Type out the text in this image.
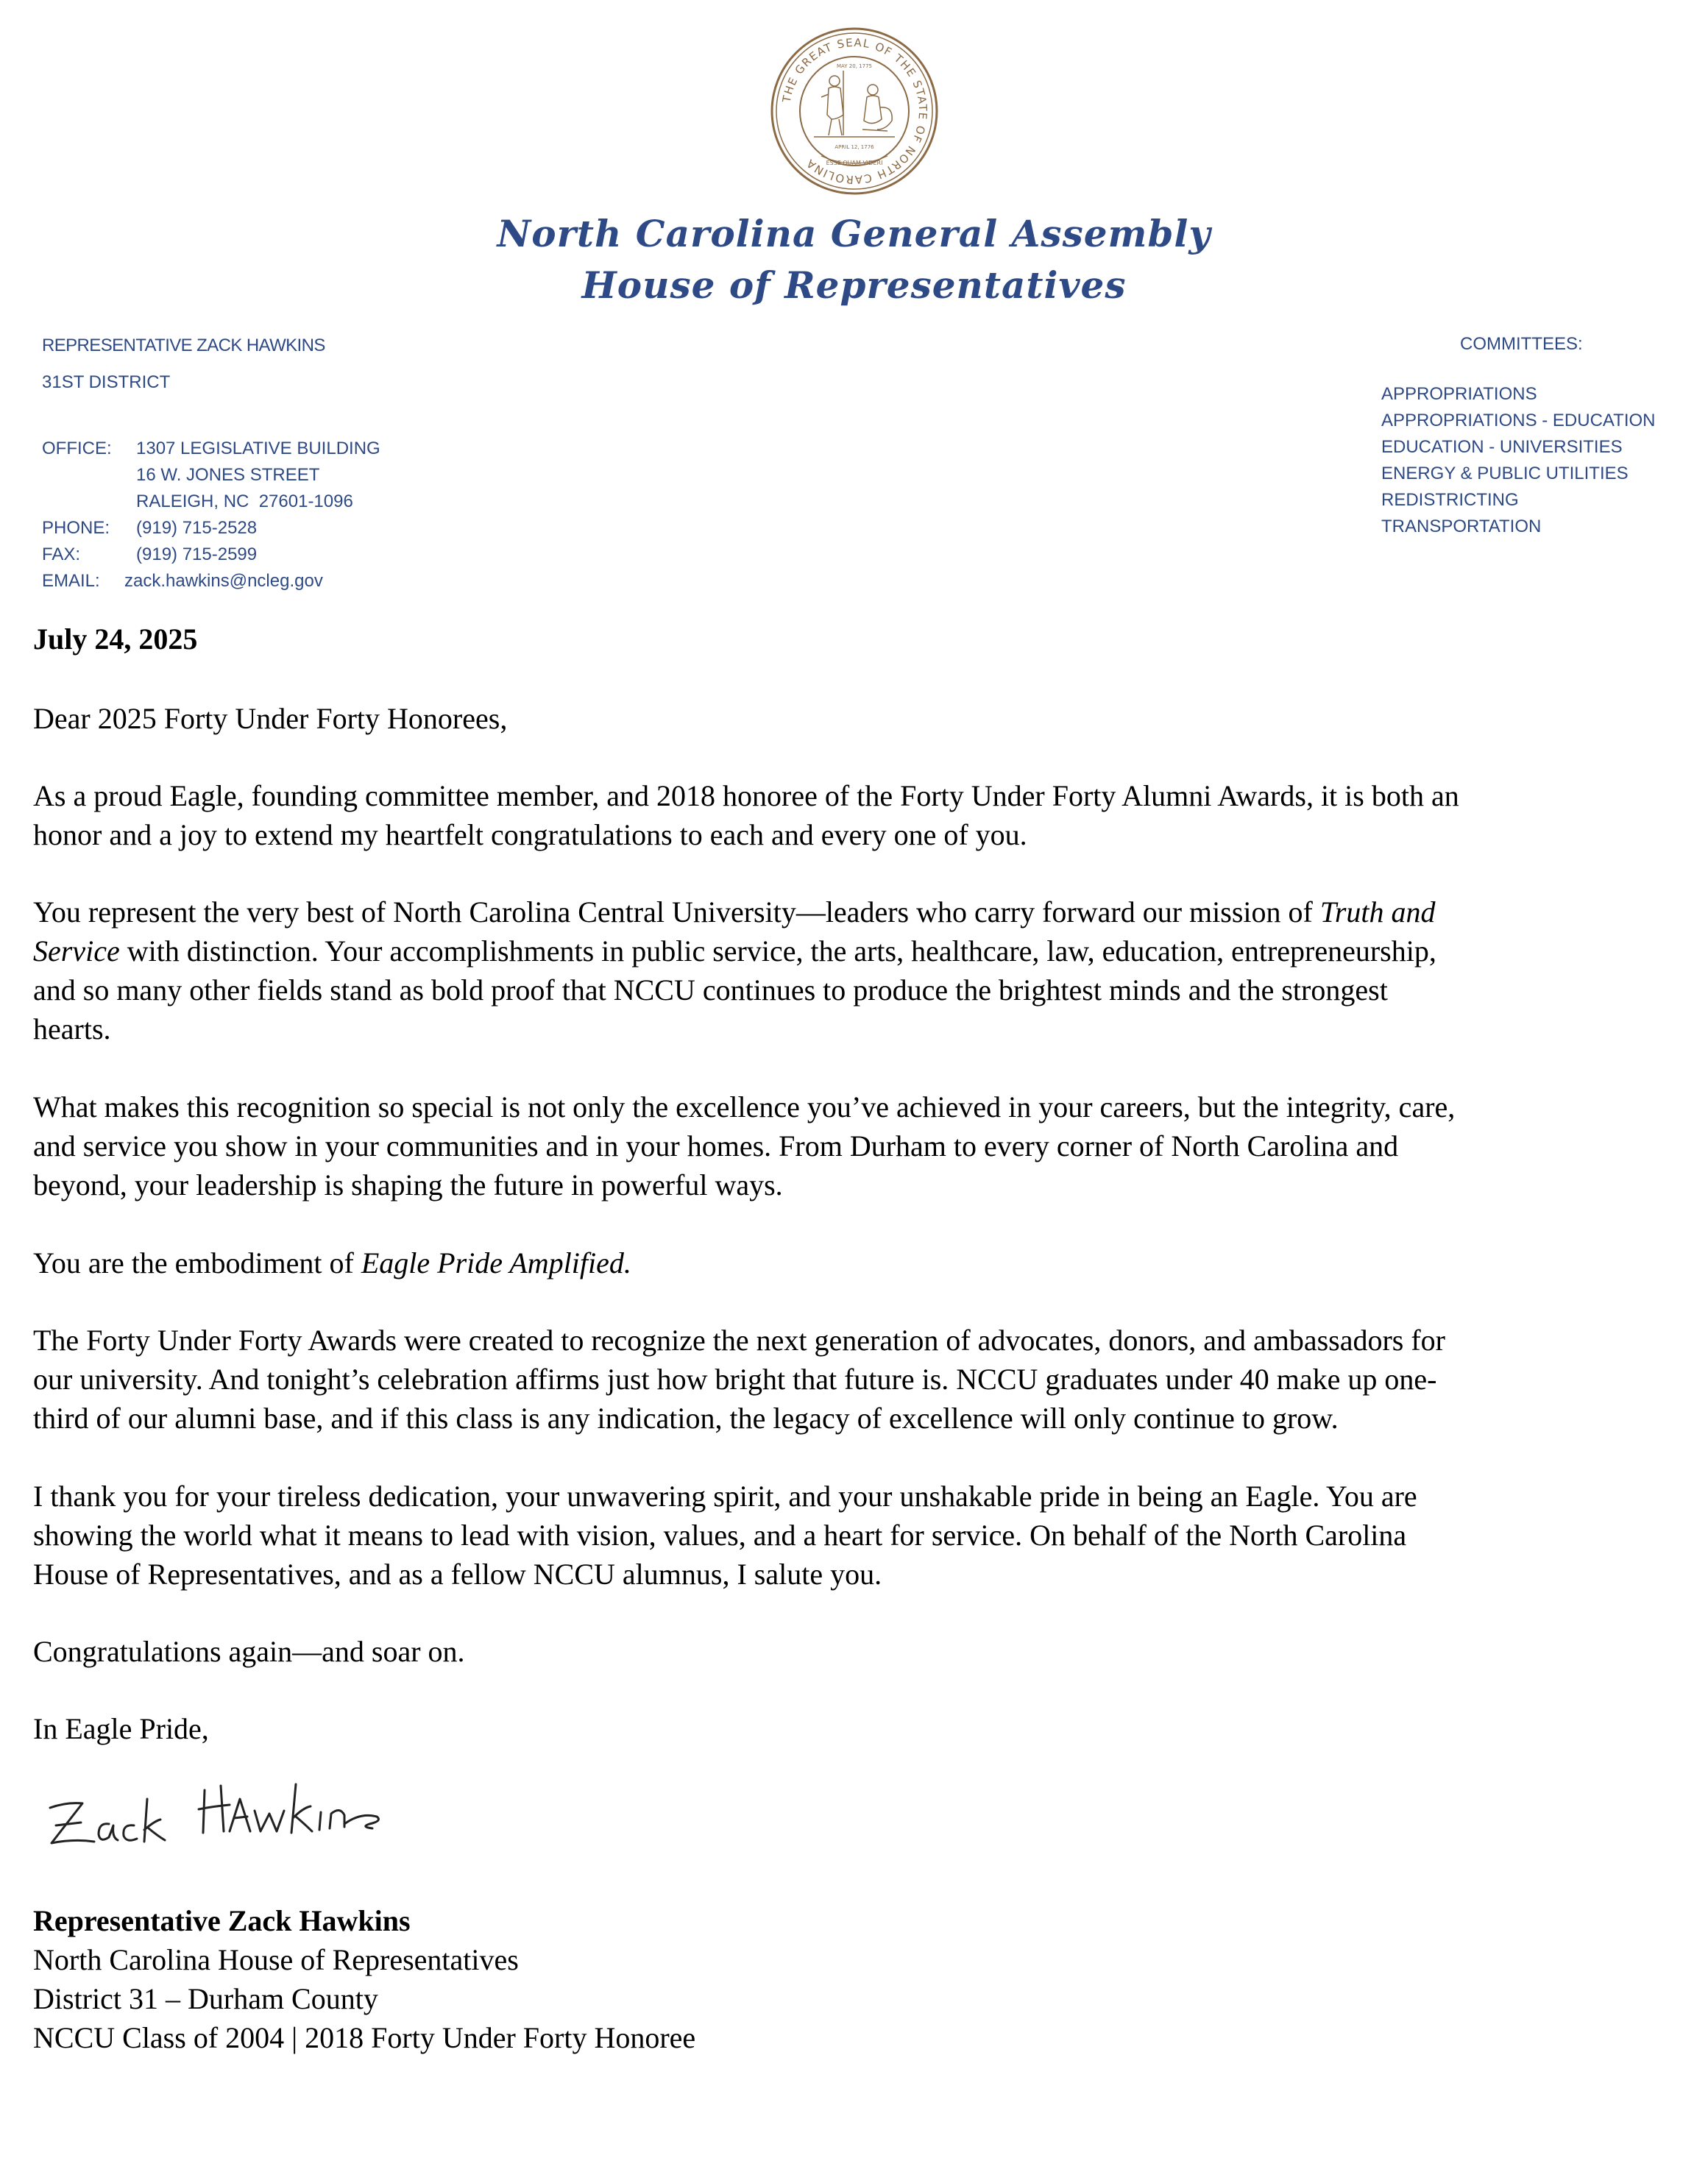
THE GREAT SEAL OF THE STATE OF NORTH CAROLINA
MAY 20, 1775
APRIL 12, 1776
ESSE QUAM VIDERI
North Carolina General Assembly
House of Representatives
REPRESENTATIVE ZACK HAWKINS
31ST DISTRICT
OFFICE:	1307 LEGISLATIVE BUILDING
16 W. JONES STREET
RALEIGH, NC  27601-1096
PHONE:	(919) 715-2528
FAX:	(919) 715-2599
EMAIL:	zack.hawkins@ncleg.gov
COMMITTEES:
APPROPRIATIONS
APPROPRIATIONS - EDUCATION
EDUCATION - UNIVERSITIES
ENERGY & PUBLIC UTILITIES
REDISTRICTING
TRANSPORTATION
July 24, 2025
Dear 2025 Forty Under Forty Honorees,

As a proud Eagle, founding committee member, and 2018 honoree of the Forty Under Forty Alumni Awards, it is both an

honor and a joy to extend my heartfelt congratulations to each and every one of you.

You represent the very best of North Carolina Central University—leaders who carry forward our mission of Truth and

Service with distinction. Your accomplishments in public service, the arts, healthcare, law, education, entrepreneurship,

and so many other fields stand as bold proof that NCCU continues to produce the brightest minds and the strongest

hearts.

What makes this recognition so special is not only the excellence you’ve achieved in your careers, but the integrity, care,

and service you show in your communities and in your homes. From Durham to every corner of North Carolina and

beyond, your leadership is shaping the future in powerful ways.

You are the embodiment of Eagle Pride Amplified.

The Forty Under Forty Awards were created to recognize the next generation of advocates, donors, and ambassadors for

our university. And tonight’s celebration affirms just how bright that future is. NCCU graduates under 40 make up one-

third of our alumni base, and if this class is any indication, the legacy of excellence will only continue to grow.

I thank you for your tireless dedication, your unwavering spirit, and your unshakable pride in being an Eagle. You are

showing the world what it means to lead with vision, values, and a heart for service. On behalf of the North Carolina

House of Representatives, and as a fellow NCCU alumnus, I salute you.

Congratulations again—and soar on.
In Eagle Pride,
Representative Zack Hawkins
North Carolina House of Representatives
District 31 – Durham County
NCCU Class of 2004 | 2018 Forty Under Forty Honoree
